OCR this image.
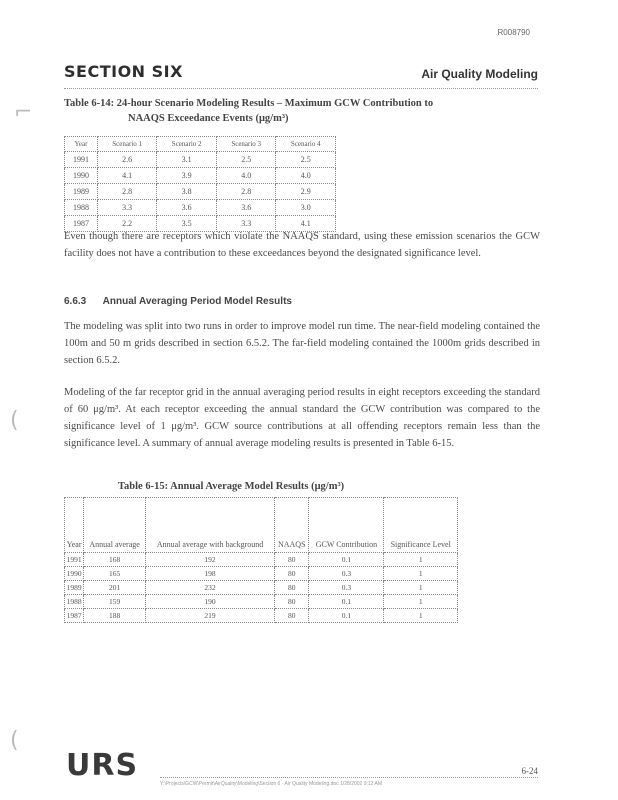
R008790
SECTION SIX	Air Quality Modeling
⌐
(
(
Table 6-14: 24-hour Scenario Modeling Results – Maximum GCW Contribution to
NAAQS Exceedance Events (μg/m³)
Year	Scenario 1	Scenario 2	Scenario 3	Scenario 4
1991	2.6	3.1	2.5	2.5
1990	4.1	3.9	4.0	4.0
1989	2.8	3.8	2.8	2.9
1988	3.3	3.6	3.6	3.0
1987	2.2	3.5	3.3	4.1

Even though there are receptors which violate the NAAQS standard, using these emission scenarios the GCW facility does not have a contribution to these exceedances beyond the designated significance level.

6.6.3 Annual Averaging Period Model Results

The modeling was split into two runs in order to improve model run time. The near-field modeling contained the 100m and 50 m grids described in section 6.5.2. The far-field modeling contained the 1000m grids described in section 6.5.2.

Modeling of the far receptor grid in the annual averaging period results in eight receptors exceeding the standard of 60 μg/m³. At each receptor exceeding the annual standard the GCW contribution was compared to the significance level of 1 μg/m³. GCW source contributions at all offending receptors remain less than the significance level. A summary of annual average modeling results is presented in Table 6-15.

Table 6-15: Annual Average Model Results (μg/m³)
Year	Annual average	Annual average with background	NAAQS	GCW Contribution	Significance Level
1991	168	192	80	0.1	1
1990	165	198	80	0.3	1
1989	201	232	80	0.3	1
1988	159	190	80	0.1	1
1987	188	219	80	0.1	1
URS	6-24
Y:\Projects\GCW\Permit\AirQuality\Modeling\Section 6 - Air Quality Modeling.doc 1/28/2002 9:12 AM
